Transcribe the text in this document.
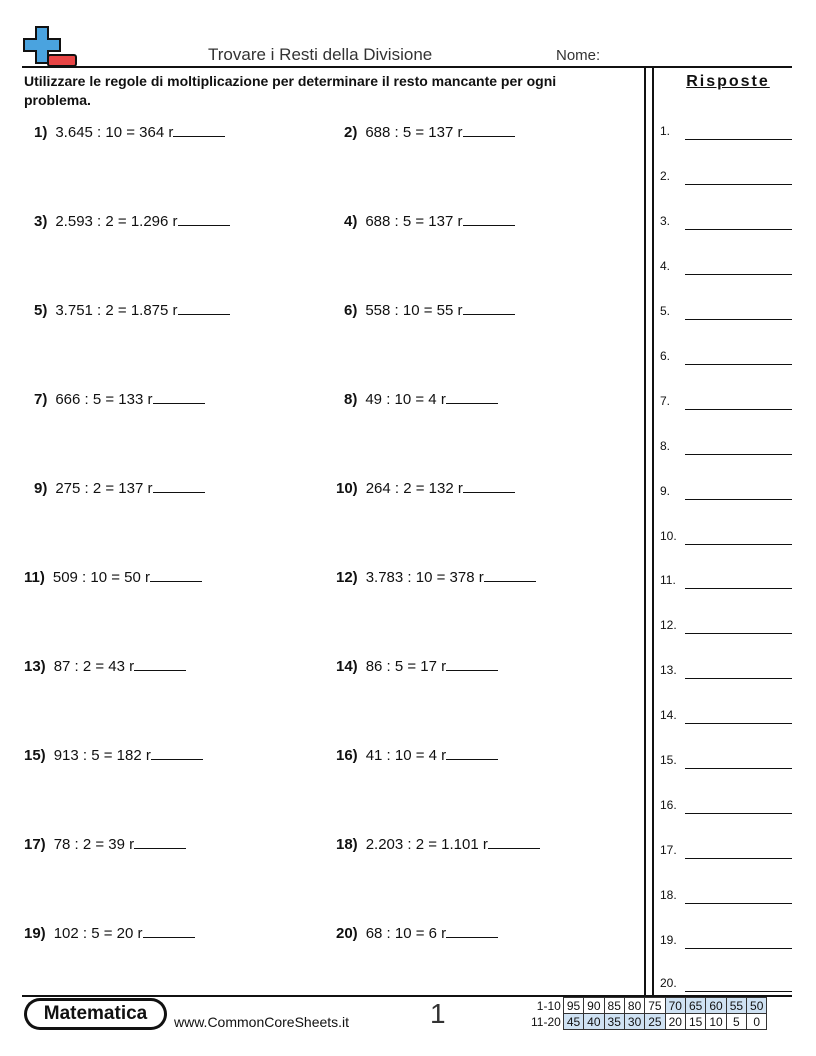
Trovare i Resti della Divisione	Nome:
Utilizzare le regole di moltiplicazione per determinare il resto mancante per ogni problema.
Risposte
1) 3.645 : 10 = 364 r	2) 688 : 5 = 137 r
3) 2.593 : 2 = 1.296 r	4) 688 : 5 = 137 r
5) 3.751 : 2 = 1.875 r	6) 558 : 10 = 55 r
7) 666 : 5 = 133 r	8) 49 : 10 = 4 r
9) 275 : 2 = 137 r	10) 264 : 2 = 132 r
11) 509 : 10 = 50 r	12) 3.783 : 10 = 378 r
13) 87 : 2 = 43 r	14) 86 : 5 = 17 r
15) 913 : 5 = 182 r	16) 41 : 10 = 4 r
17) 78 : 2 = 39 r	18) 2.203 : 2 = 1.101 r
19) 102 : 5 = 20 r	20) 68 : 10 = 6 r
1.
2.
3.
4.
5.
6.
7.
8.
9.
10.
11.
12.
13.
14.
15.
16.
17.
18.
19.
20.
Matematica	www.CommonCoreSheets.it	1	1-10	95	90	85	80	75	70	65	60	55	50
11-20	45	40	35	30	25	20	15	10	5	0
